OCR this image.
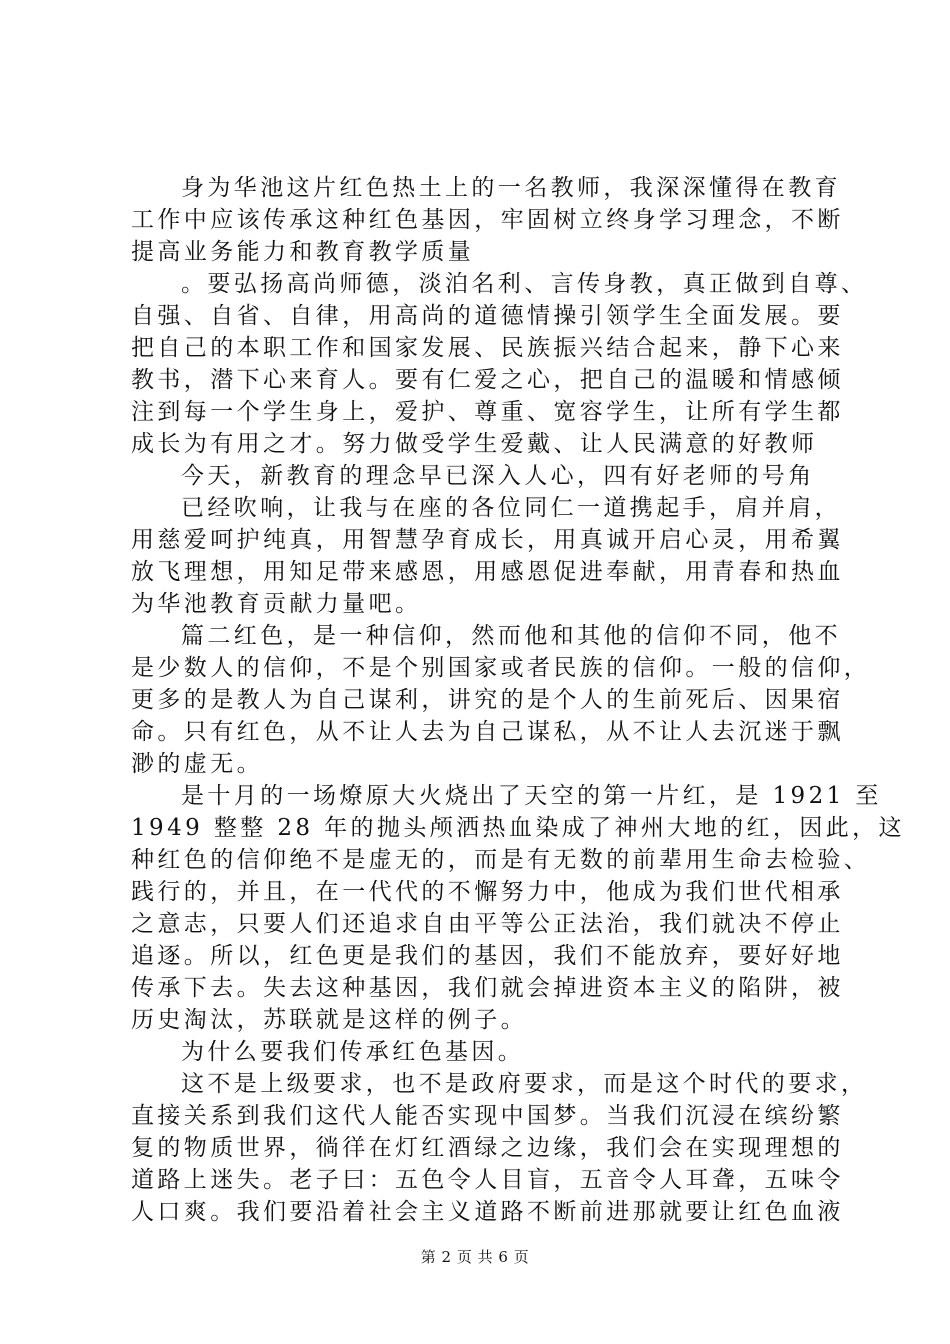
身为华池这片红色热土上的一名教师，我深深懂得在教育
工作中应该传承这种红色基因，牢固树立终身学习理念，不断
提高业务能力和教育教学质量
。要弘扬高尚师德，淡泊名利、言传身教，真正做到自尊、
自强、自省、自律，用高尚的道德情操引领学生全面发展。要
把自己的本职工作和国家发展、民族振兴结合起来，静下心来
教书，潜下心来育人。要有仁爱之心，把自己的温暖和情感倾
注到每一个学生身上，爱护、尊重、宽容学生，让所有学生都
成长为有用之才。努力做受学生爱戴、让人民满意的好教师
今天，新教育的理念早已深入人心，四有好老师的号角
已经吹响，让我与在座的各位同仁一道携起手，肩并肩，
用慈爱呵护纯真，用智慧孕育成长，用真诚开启心灵，用希翼
放飞理想，用知足带来感恩，用感恩促进奉献，用青春和热血
为华池教育贡献力量吧。
篇二红色，是一种信仰，然而他和其他的信仰不同，他不
是少数人的信仰，不是个别国家或者民族的信仰。一般的信仰，
更多的是教人为自己谋利，讲究的是个人的生前死后、因果宿
命。只有红色，从不让人去为自己谋私，从不让人去沉迷于飘
渺的虚无。
是十月的一场燎原大火烧出了天空的第一片红，是 1921 至
1949 整整 28 年的抛头颅洒热血染成了神州大地的红，因此，这
种红色的信仰绝不是虚无的，而是有无数的前辈用生命去检验、
践行的，并且，在一代代的不懈努力中，他成为我们世代相承
之意志，只要人们还追求自由平等公正法治，我们就决不停止
追逐。所以，红色更是我们的基因，我们不能放弃，要好好地
传承下去。失去这种基因，我们就会掉进资本主义的陷阱，被
历史淘汰，苏联就是这样的例子。
为什么要我们传承红色基因。
这不是上级要求，也不是政府要求，而是这个时代的要求，
直接关系到我们这代人能否实现中国梦。当我们沉浸在缤纷繁
复的物质世界，徜徉在灯红酒绿之边缘，我们会在实现理想的
道路上迷失。老子曰：五色令人目盲，五音令人耳聋，五味令
人口爽。我们要沿着社会主义道路不断前进那就要让红色血液
第 2 页 共 6 页
